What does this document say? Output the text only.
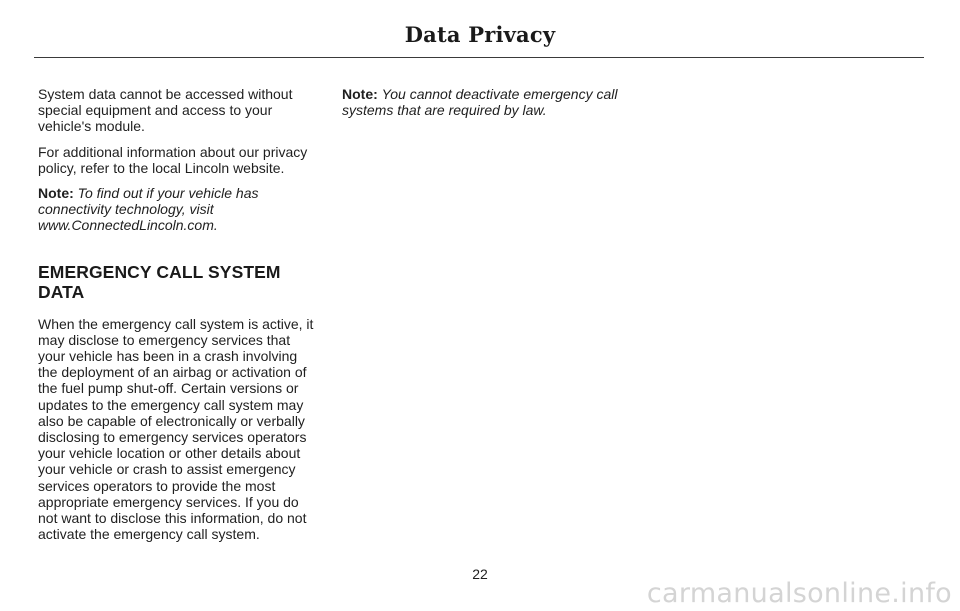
Data Privacy

System data cannot be accessed without special equipment and access to your vehicle's module.

For additional information about our privacy policy, refer to the local Lincoln website.

Note: To find out if your vehicle has connectivity technology, visit www.ConnectedLincoln.com.

EMERGENCY CALL SYSTEM DATA

When the emergency call system is active, it may disclose to emergency services that your vehicle has been in a crash involving the deployment of an airbag or activation of the fuel pump shut-off. Certain versions or updates to the emergency call system may also be capable of electronically or verbally disclosing to emergency services operators your vehicle location or other details about your vehicle or crash to assist emergency services operators to provide the most appropriate emergency services. If you do not want to disclose this information, do not activate the emergency call system.

Note: You cannot deactivate emergency call systems that are required by law.

22
carmanualsonline.info
